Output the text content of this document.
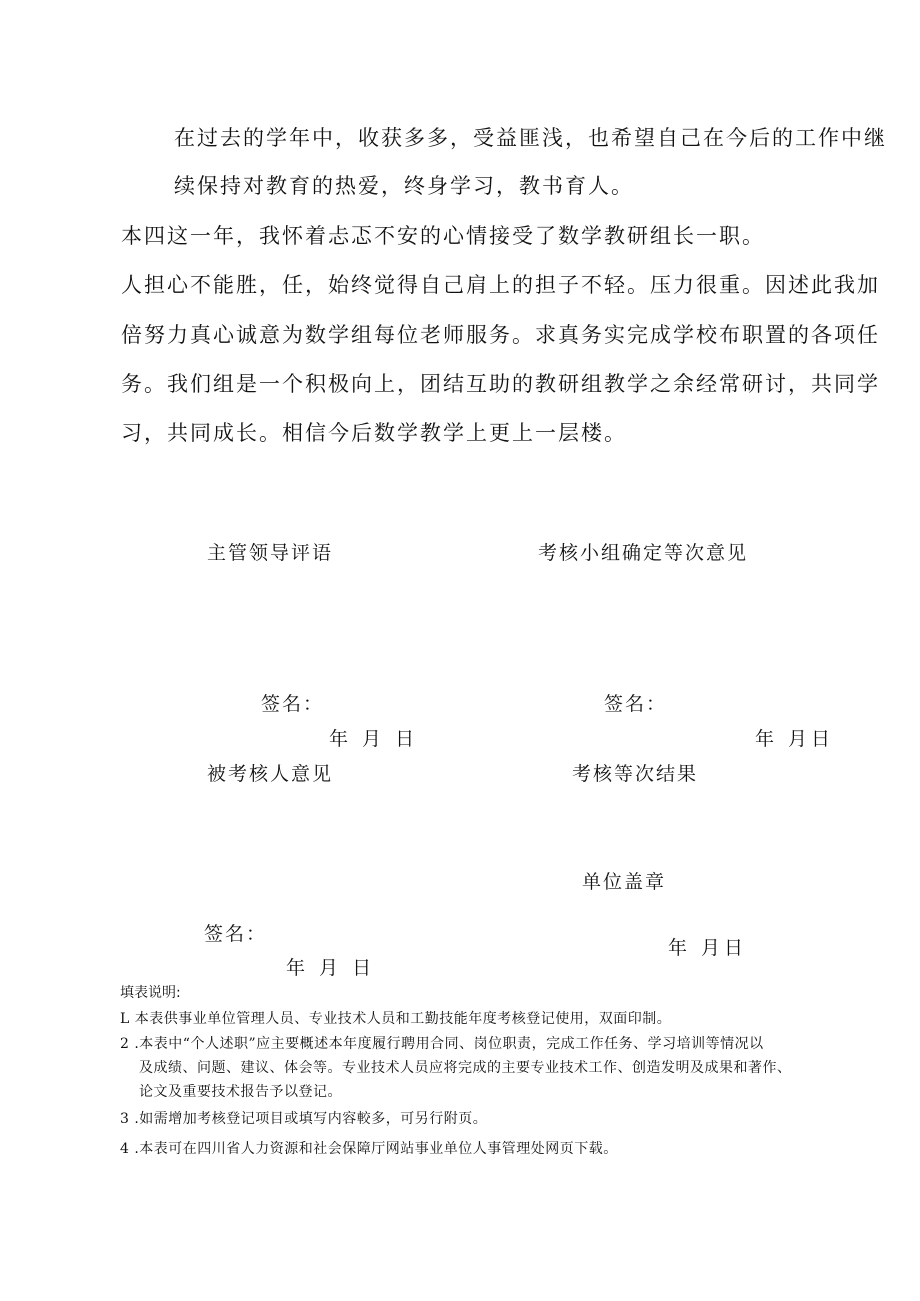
在过去的学年中，收获多多，受益匪浅，也希望自己在今后的工作中继
续保持对教育的热爱，终身学习，教书育人。
本四这一年，我怀着忐忑不安的心情接受了数学教研组长一职。
人担心不能胜，任，始终觉得自己肩上的担子不轻。压力很重。因述此我加
倍努力真心诚意为数学组每位老师服务。求真务实完成学校布职置的各项任
务。我们组是一个积极向上，团结互助的教研组教学之余经常研讨，共同学
习，共同成长。相信今后数学教学上更上一层楼。
主管领导评语
签名：
年 月 日
考核小组确定等次意见
签名：
年 月日
被考核人意见
签名：
年 月 日
考核等次结果
单位盖章
年 月日
填表说明:
L 本表供事业单位管理人员、专业技术人员和工勤技能年度考核登记使用，双面印制。
2 .本表中“个人述职”应主要概述本年度履行聘用合同、岗位职责，完成工作任务、学习培训等情况以
及成绩、问题、建议、体会等。专业技术人员应将完成的主要专业技术工作、创造发明及成果和著作、
论文及重要技术报告予以登记。
3 .如需增加考核登记项目或填写内容較多，可另行附页。
4 .本表可在四川省人力资源和社会保障厅网站事业单位人事管理处网页下载。
